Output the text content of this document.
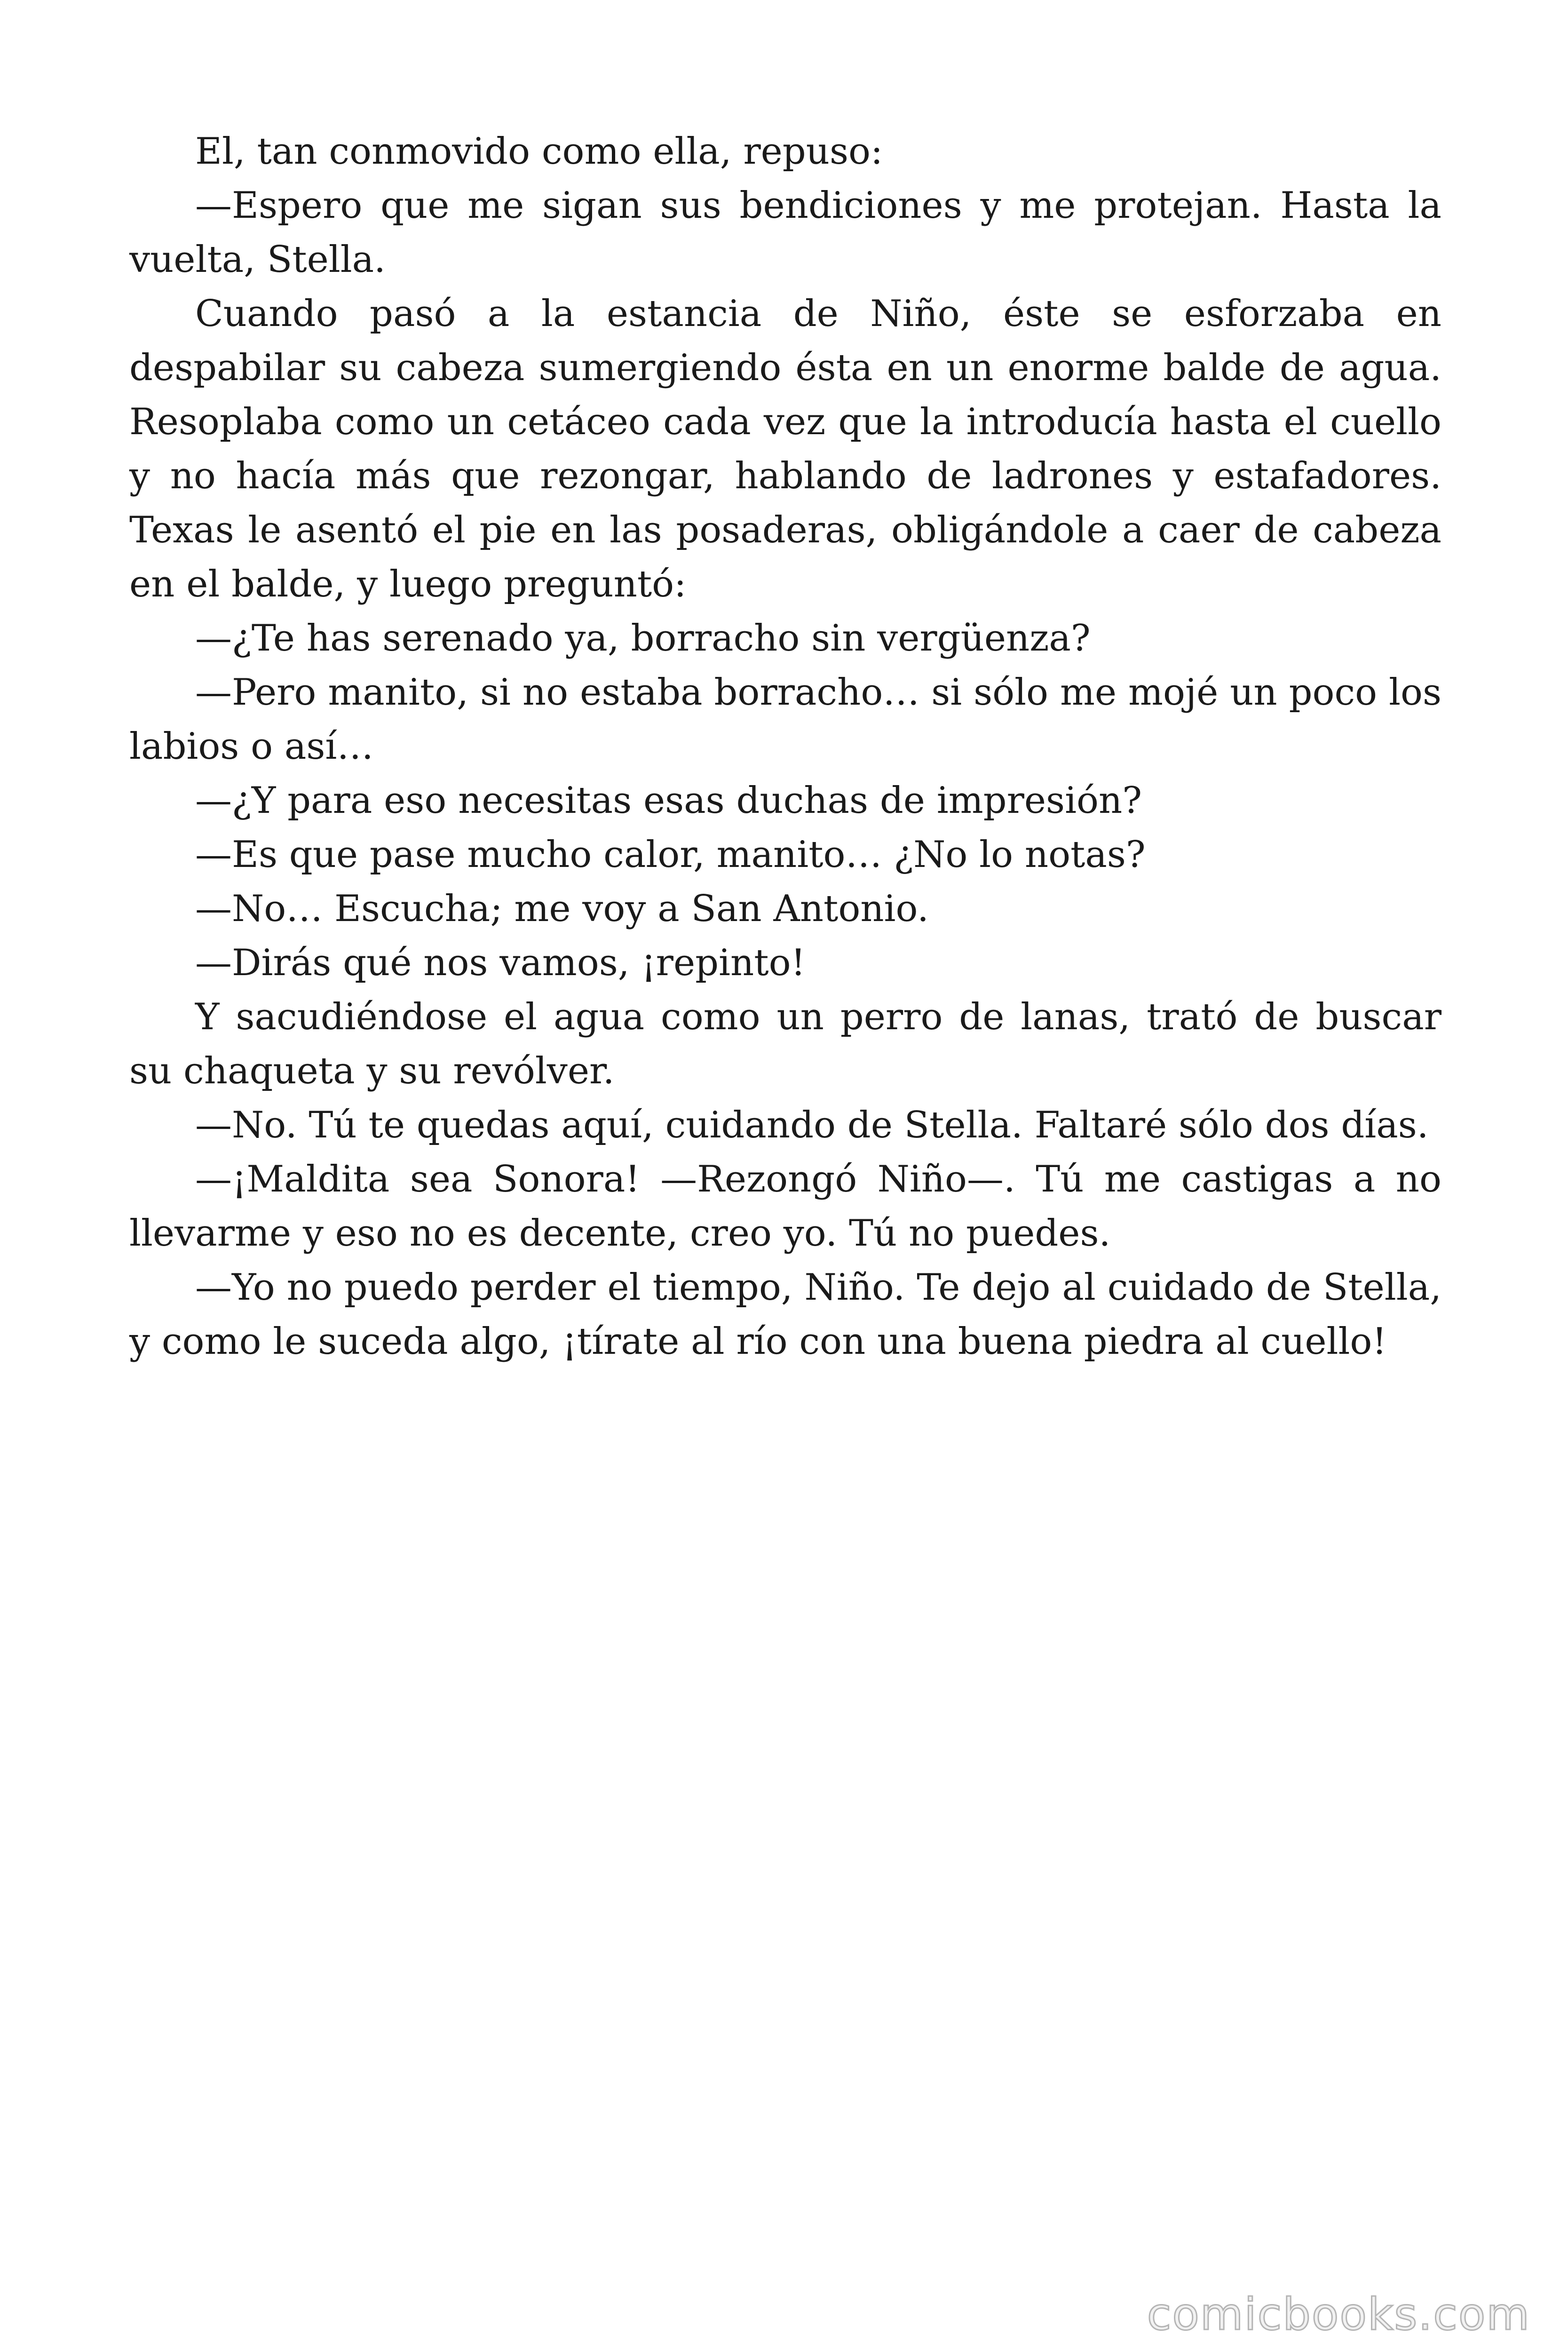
El, tan conmovido como ella, repuso:

—Espero que me sigan sus bendiciones y me protejan. Hasta la vuelta, Stella.

Cuando pasó a la estancia de Niño, éste se esforzaba en despabilar su cabeza sumergiendo ésta en un enorme balde de agua. Resoplaba como un cetáceo cada vez que la introducía hasta el cuello y no hacía más que rezongar, hablando de ladrones y estafadores. Texas le asentó el pie en las posaderas, obligándole a caer de cabeza en el balde, y luego preguntó:

—¿Te has serenado ya, borracho sin vergüenza?

—Pero manito, si no estaba borracho… si sólo me mojé un poco los labios o así…

—¿Y para eso necesitas esas duchas de impresión?

—Es que pase mucho calor, manito… ¿No lo notas?

—No… Escucha; me voy a San Antonio.

—Dirás qué nos vamos, ¡repinto!

Y sacudiéndose el agua como un perro de lanas, trató de buscar su chaqueta y su revólver.

—No. Tú te quedas aquí, cuidando de Stella. Faltaré sólo dos días.

—¡Maldita sea Sonora! —Rezongó Niño—. Tú me castigas a no llevarme y eso no es decente, creo yo. Tú no puedes.

—Yo no puedo perder el tiempo, Niño. Te dejo al cuidado de Stella, y como le suceda algo, ¡tírate al río con una buena piedra al cuello!

comicbooks.com
